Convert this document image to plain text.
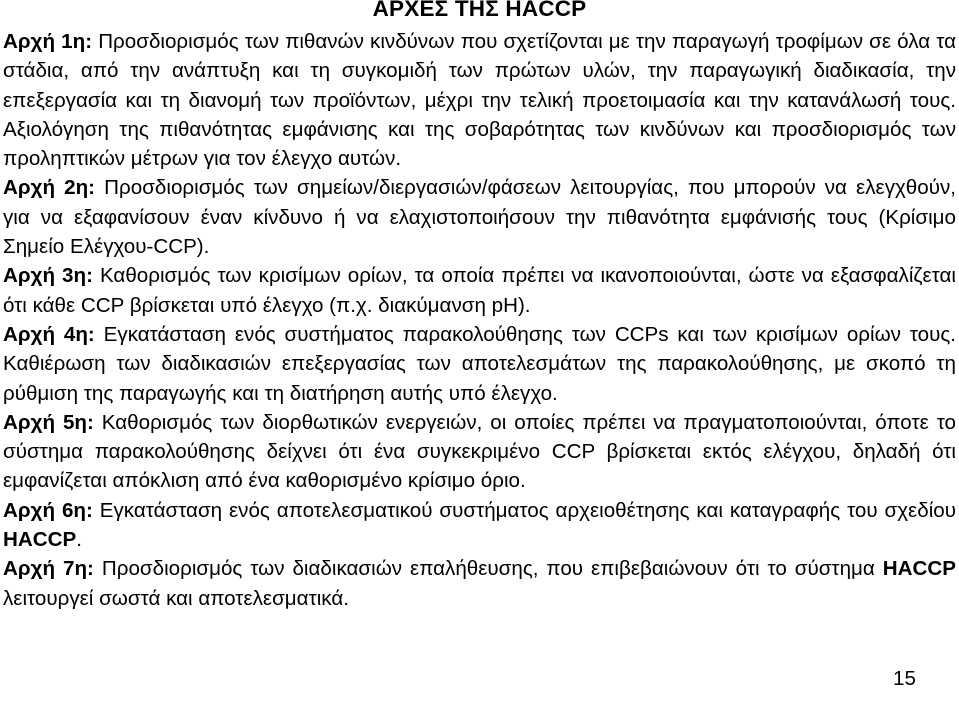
ΑΡΧΕΣ ΤΗΣ HACCP

Αρχή 1η: Προσδιορισμός των πιθανών κινδύνων που σχετίζονται με την παραγωγή τροφίμων σε όλα τα στάδια, από την ανάπτυξη και τη συγκομιδή των πρώτων υλών, την παραγωγική διαδικασία, την επεξεργασία και τη διανομή των προϊόντων, μέχρι την τελική προετοιμασία και την κατανάλωσή τους. Αξιολόγηση της πιθανότητας εμφάνισης και της σοβαρότητας των κινδύνων και προσδιορισμός των προληπτικών μέτρων για τον έλεγχο αυτών.

Αρχή 2η: Προσδιορισμός των σημείων/διεργασιών/φάσεων λειτουργίας, που μπορούν να ελεγχθούν, για να εξαφανίσουν έναν κίνδυνο ή να ελαχιστοποιήσουν την πιθανότητα εμφάνισής τους (Κρίσιμο Σημείο Ελέγχου-CCP).

Αρχή 3η: Καθορισμός των κρισίμων ορίων, τα οποία πρέπει να ικανοποιούνται, ώστε να εξασφαλίζεται ότι κάθε CCP βρίσκεται υπό έλεγχο (π.χ. διακύμανση pH).

Αρχή 4η: Εγκατάσταση ενός συστήματος παρακολούθησης των CCPs και των κρισίμων ορίων τους. Καθιέρωση των διαδικασιών επεξεργασίας των αποτελεσμάτων της παρακολούθησης, με σκοπό τη ρύθμιση της παραγωγής και τη διατήρηση αυτής υπό έλεγχο.

Αρχή 5η: Καθορισμός των διορθωτικών ενεργειών, οι οποίες πρέπει να πραγματοποιούνται, όποτε το σύστημα παρακολούθησης δείχνει ότι ένα συγκεκριμένο CCP βρίσκεται εκτός ελέγχου, δηλαδή ότι εμφανίζεται απόκλιση από ένα καθορισμένο κρίσιμο όριο.

Αρχή 6η: Εγκατάσταση ενός αποτελεσματικού συστήματος αρχειοθέτησης και καταγραφής του σχεδίου HACCP.

Αρχή 7η: Προσδιορισμός των διαδικασιών επαλήθευσης, που επιβεβαιώνουν ότι το σύστημα HACCP λειτουργεί σωστά και αποτελεσματικά.

15
